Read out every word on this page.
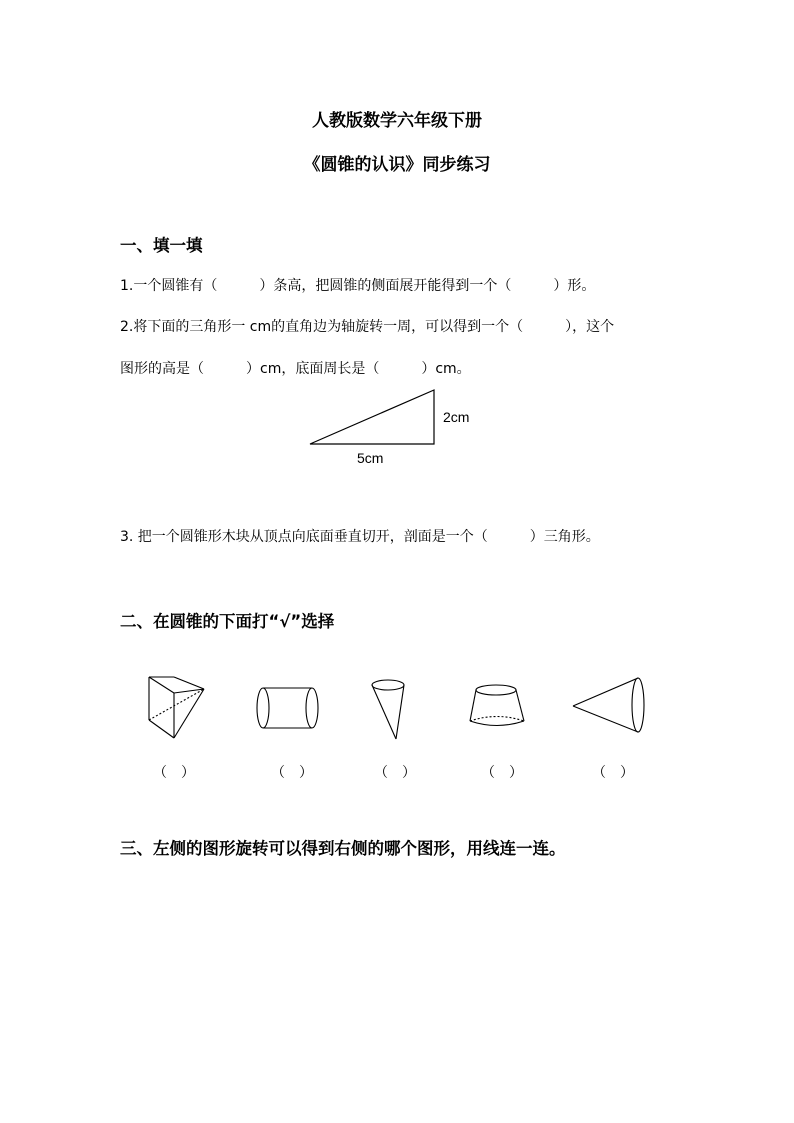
人教版数学六年级下册
《圆锥的认识》同步练习
一、填一填
1.一个圆锥有（　　　）条高，把圆锥的侧面展开能得到一个（　　　）形。
2.将下面的三角形一 cm的直角边为轴旋转一周，可以得到一个（　　　），这个
图形的高是（　　　）cm，底面周长是（　　　）cm。
2cm
5cm
3. 把一个圆锥形木块从顶点向底面垂直切开，剖面是一个（　　　）三角形。
二、在圆锥的下面打“√”选择
（　）	（　）	（　）	（　）	（　）
三、左侧的图形旋转可以得到右侧的哪个图形，用线连一连。
